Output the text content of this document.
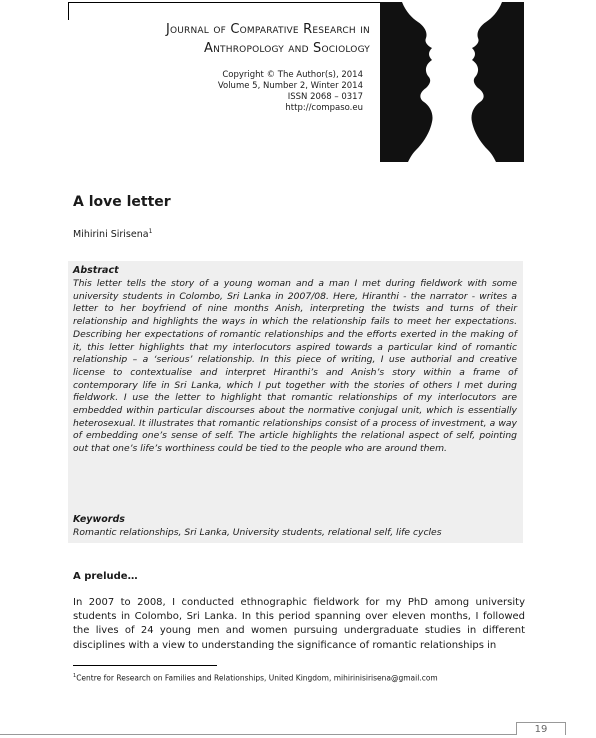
Journal of Comparative Research in
Anthropology and Sociology
Copyright © The Author(s), 2014
Volume 5, Number 2, Winter 2014
ISSN 2068 – 0317
http://compaso.eu
A love letter
Mihirini Sirisena$^1$
Abstract
This letter tells the story of a young woman and a man I met during fieldwork with some university students in Colombo, Sri Lanka in 2007/08. Here, Hiranthi - the narrator - writes a letter to her boyfriend of nine months Anish, interpreting the twists and turns of their relationship and highlights the ways in which the relationship fails to meet her expectations. Describing her expectations of romantic relationships and the efforts exerted in the making of it, this letter highlights that my interlocutors aspired towards a particular kind of romantic relationship – a ‘serious’ relationship. In this piece of writing, I use authorial and creative license to contextualise and interpret Hiranthi’s and Anish’s story within a frame of contemporary life in Sri Lanka, which I put together with the stories of others I met during fieldwork. I use the letter to highlight that romantic relationships of my interlocutors are embedded within particular discourses about the normative conjugal unit, which is essentially heterosexual. It illustrates that romantic relationships consist of a process of investment, a way of embedding one’s sense of self. The article highlights the relational aspect of self, pointing out that one’s life’s worthiness could be tied to the people who are around them.
Keywords
Romantic relationships, Sri Lanka, University students, relational self, life cycles
A prelude…
In 2007 to 2008, I conducted ethnographic fieldwork for my PhD among university students in Colombo, Sri Lanka. In this period spanning over eleven months, I followed the lives of 24 young men and women pursuing undergraduate studies in different disciplines with a view to understanding the significance of romantic relationships in
$^1$Centre for Research on Families and Relationships, United Kingdom, mihirinisirisena@gmail.com
19
